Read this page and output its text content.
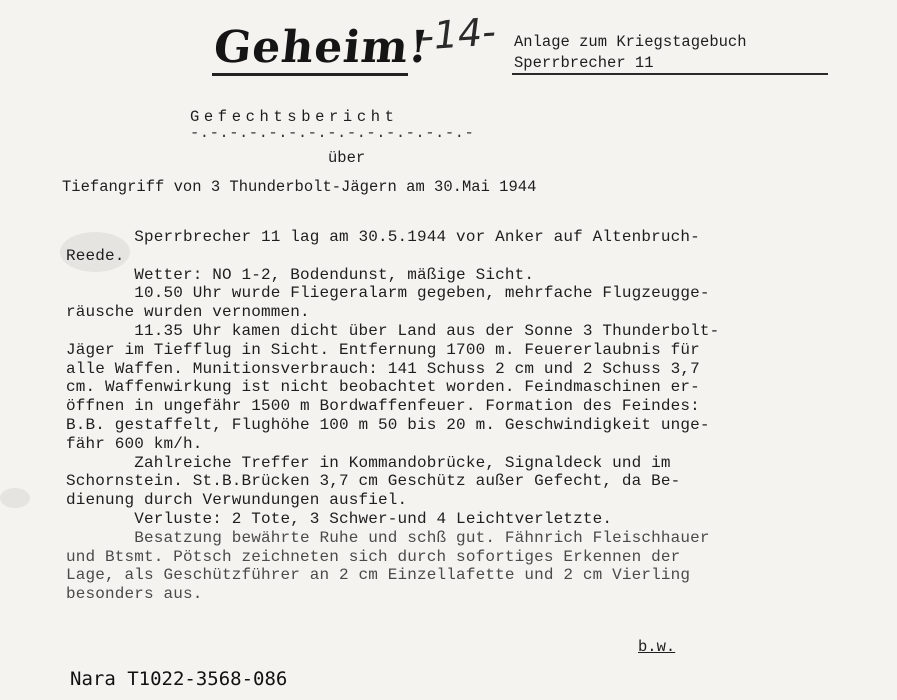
Geheim!
-14- Anlage zum Kriegstagebuch
Sperrbrecher 11
Gefechtsbericht
-.-.-.-.-.-.-.-.-.-.-.-.-.-.-
über
Tiefangriff von 3 Thunderbolt-Jägern am 30.Mai 1944

Sperrbrecher 11 lag am 30.5.1944 vor Anker auf Altenbruch-

Reede.

Wetter: NO 1-2, Bodendunst, mäßige Sicht.

10.50 Uhr wurde Fliegeralarm gegeben, mehrfache Flugzeugge-

räusche wurden vernommen.

11.35 Uhr kamen dicht über Land aus der Sonne 3 Thunderbolt-

Jäger im Tiefflug in Sicht. Entfernung 1700 m. Feuererlaubnis für

alle Waffen. Munitionsverbrauch: 141 Schuss 2 cm und 2 Schuss 3,7

cm. Waffenwirkung ist nicht beobachtet worden. Feindmaschinen er-

öffnen in ungefähr 1500 m Bordwaffenfeuer. Formation des Feindes:

B.B. gestaffelt, Flughöhe 100 m 50 bis 20 m. Geschwindigkeit unge-

fähr 600 km/h.

Zahlreiche Treffer in Kommandobrücke, Signaldeck und im

Schornstein. St.B.Brücken 3,7 cm Geschütz außer Gefecht, da Be-

dienung durch Verwundungen ausfiel.

Verluste: 2 Tote, 3 Schwer-und 4 Leichtverletzte.

Besatzung bewährte Ruhe und schß gut. Fähnrich Fleischhauer

und Btsmt. Pötsch zeichneten sich durch sofortiges Erkennen der

Lage, als Geschützführer an 2 cm Einzellafette und 2 cm Vierling

besonders aus.

b.w.
Nara T1022-3568-086
